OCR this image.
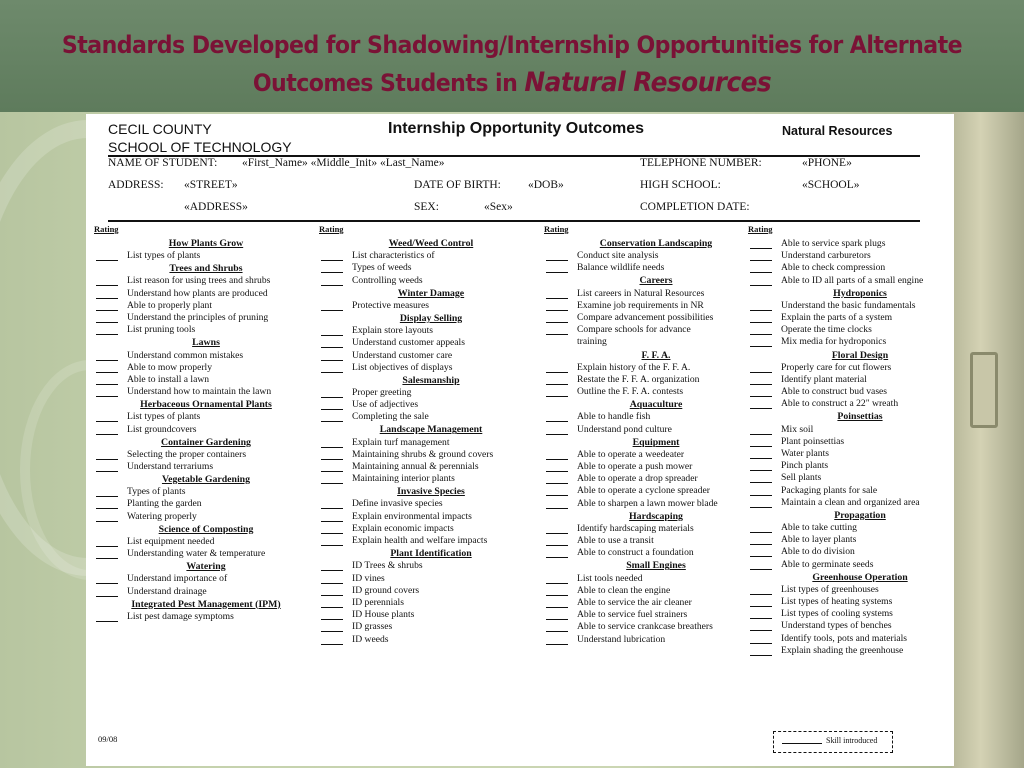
Standards Developed for Shadowing/Internship Opportunities for Alternate
Outcomes Students in Natural Resources
CECIL COUNTY
SCHOOL OF TECHNOLOGY
Internship Opportunity Outcomes	Natural Resources
NAME OF STUDENT: «First_Name» «Middle_Init» «Last_Name»	TELEPHONE NUMBER:	«PHONE»
ADDRESS: «STREET»	DATE OF BIRTH: «DOB»	HIGH SCHOOL:	«SCHOOL»
«ADDRESS»	SEX:	«Sex»	COMPLETION DATE:
Rating
How Plants Grow
List types of plants
Trees and Shrubs
List reason for using trees and shrubs
Understand how plants are produced
Able to properly plant
Understand the principles of pruning
List pruning tools
Lawns
Understand common mistakes
Able to mow properly
Able to install a lawn
Understand how to maintain the lawn
Herbaceous Ornamental Plants
List types of plants
List groundcovers
Container Gardening
Selecting the proper containers
Understand terrariums
Vegetable Gardening
Types of plants
Planting the garden
Watering properly
Science of Composting
List equipment needed
Understanding water & temperature
Watering
Understand importance of
Understand drainage
Integrated Pest Management (IPM)
List pest damage symptoms
Rating
Weed/Weed Control
List characteristics of
Types of weeds
Controlling weeds
Winter Damage
Protective measures
Display Selling
Explain store layouts
Understand customer appeals
Understand customer care
List objectives of displays
Salesmanship
Proper greeting
Use of adjectives
Completing the sale
Landscape Management
Explain turf management
Maintaining shrubs & ground covers
Maintaining annual & perennials
Maintaining interior plants
Invasive Species
Define invasive species
Explain environmental impacts
Explain economic impacts
Explain health and welfare impacts
Plant Identification
ID Trees & shrubs
ID vines
ID ground covers
ID perennials
ID House plants
ID grasses
ID weeds
Rating
Conservation Landscaping
Conduct site analysis
Balance wildlife needs
Careers
List careers in Natural Resources
Examine job requirements in NR
Compare advancement possibilities
Compare schools for advance
training
F. F. A.
Explain history of the F. F. A.
Restate the F. F. A. organization
Outline the F. F. A. contests
Aquaculture
Able to handle fish
Understand pond culture
Equipment
Able to operate a weedeater
Able to operate a push mower
Able to operate a drop spreader
Able to operate a cyclone spreader
Able to sharpen a lawn mower blade
Hardscaping
Identify hardscaping materials
Able to use a transit
Able to construct a foundation
Small Engines
List tools needed
Able to clean the engine
Able to service the air cleaner
Able to service fuel strainers
Able to service crankcase breathers
Understand lubrication
Rating
Able to service spark plugs
Understand carburetors
Able to check compression
Able to ID all parts of a small engine
Hydroponics
Understand the basic fundamentals
Explain the parts of a system
Operate the time clocks
Mix media for hydroponics
Floral Design
Properly care for cut flowers
Identify plant material
Able to construct bud vases
Able to construct a 22" wreath
Poinsettias
Mix soil
Plant poinsettias
Water plants
Pinch plants
Sell plants
Packaging plants for sale
Maintain a clean and organized area
Propagation
Able to take cutting
Able to layer plants
Able to do division
Able to germinate seeds
Greenhouse Operation
List types of greenhouses
List types of heating systems
List types of cooling systems
Understand types of benches
Identify tools, pots and materials
Explain shading the greenhouse
09/08	Skill introduced
